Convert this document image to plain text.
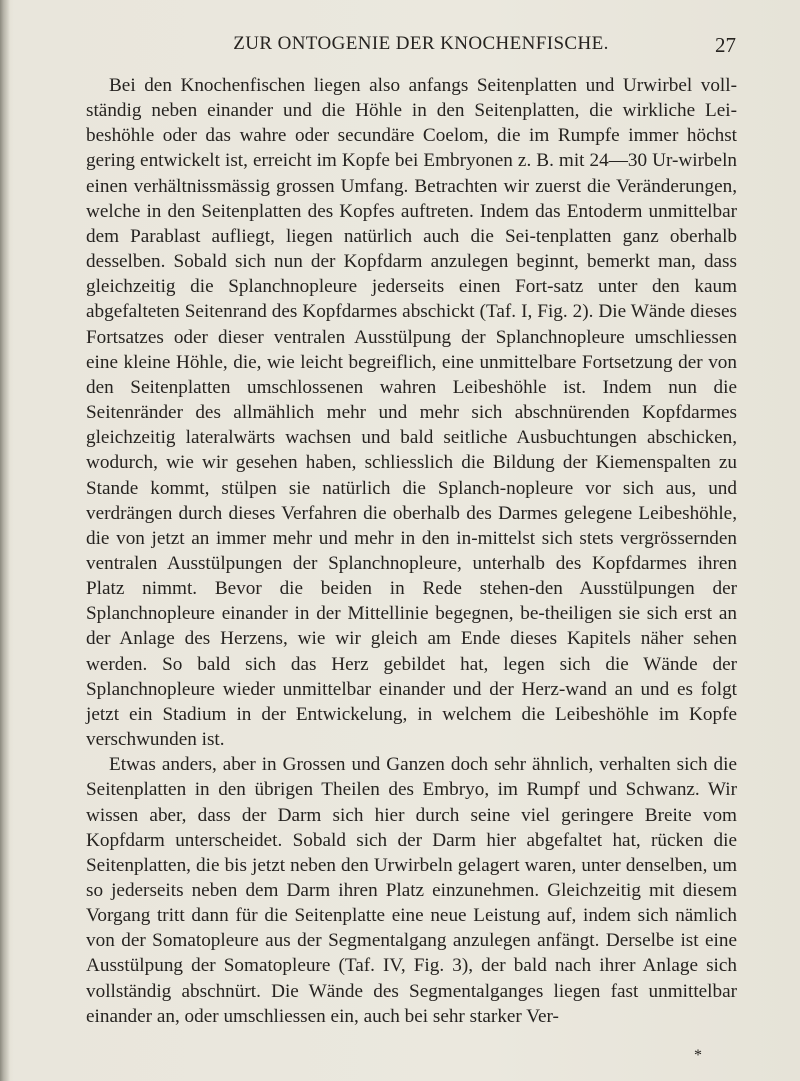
ZUR ONTOGENIE DER KNOCHENFISCHE.	27

Bei den Knochenfischen liegen also anfangs Seitenplatten und Urwirbel voll-ständig neben einander und die Höhle in den Seitenplatten, die wirkliche Lei-beshöhle oder das wahre oder secundäre Coelom, die im Rumpfe immer höchst gering entwickelt ist, erreicht im Kopfe bei Embryonen z. B. mit 24—30 Ur-wirbeln einen verhältnissmässig grossen Umfang. Betrachten wir zuerst die Veränderungen, welche in den Seitenplatten des Kopfes auftreten. Indem das Entoderm unmittelbar dem Parablast aufliegt, liegen natürlich auch die Sei-tenplatten ganz oberhalb desselben. Sobald sich nun der Kopfdarm anzulegen beginnt, bemerkt man, dass gleichzeitig die Splanchnopleure jederseits einen Fort-satz unter den kaum abgefalteten Seitenrand des Kopfdarmes abschickt (Taf. I, Fig. 2). Die Wände dieses Fortsatzes oder dieser ventralen Ausstülpung der Splanchnopleure umschliessen eine kleine Höhle, die, wie leicht begreiflich, eine unmittelbare Fortsetzung der von den Seitenplatten umschlossenen wahren Leibeshöhle ist. Indem nun die Seitenränder des allmählich mehr und mehr sich abschnürenden Kopfdarmes gleichzeitig lateralwärts wachsen und bald seitliche Ausbuchtungen abschicken, wodurch, wie wir gesehen haben, schliesslich die Bildung der Kiemenspalten zu Stande kommt, stülpen sie natürlich die Splanch-nopleure vor sich aus, und verdrängen durch dieses Verfahren die oberhalb des Darmes gelegene Leibeshöhle, die von jetzt an immer mehr und mehr in den in-mittelst sich stets vergrössernden ventralen Ausstülpungen der Splanchnopleure, unterhalb des Kopfdarmes ihren Platz nimmt. Bevor die beiden in Rede stehen-den Ausstülpungen der Splanchnopleure einander in der Mittellinie begegnen, be-theiligen sie sich erst an der Anlage des Herzens, wie wir gleich am Ende dieses Kapitels näher sehen werden. So bald sich das Herz gebildet hat, legen sich die Wände der Splanchnopleure wieder unmittelbar einander und der Herz-wand an und es folgt jetzt ein Stadium in der Entwickelung, in welchem die Leibeshöhle im Kopfe verschwunden ist.

Etwas anders, aber in Grossen und Ganzen doch sehr ähnlich, verhalten sich die Seitenplatten in den übrigen Theilen des Embryo, im Rumpf und Schwanz. Wir wissen aber, dass der Darm sich hier durch seine viel geringere Breite vom Kopfdarm unterscheidet. Sobald sich der Darm hier abgefaltet hat, rücken die Seitenplatten, die bis jetzt neben den Urwirbeln gelagert waren, unter denselben, um so jederseits neben dem Darm ihren Platz einzunehmen. Gleichzeitig mit diesem Vorgang tritt dann für die Seitenplatte eine neue Leistung auf, indem sich nämlich von der Somatopleure aus der Segmentalgang anzulegen anfängt. Derselbe ist eine Ausstülpung der Somatopleure (Taf. IV, Fig. 3), der bald nach ihrer Anlage sich vollständig abschnürt. Die Wände des Segmentalganges liegen fast unmittelbar einander an, oder umschliessen ein, auch bei sehr starker Ver-

*
